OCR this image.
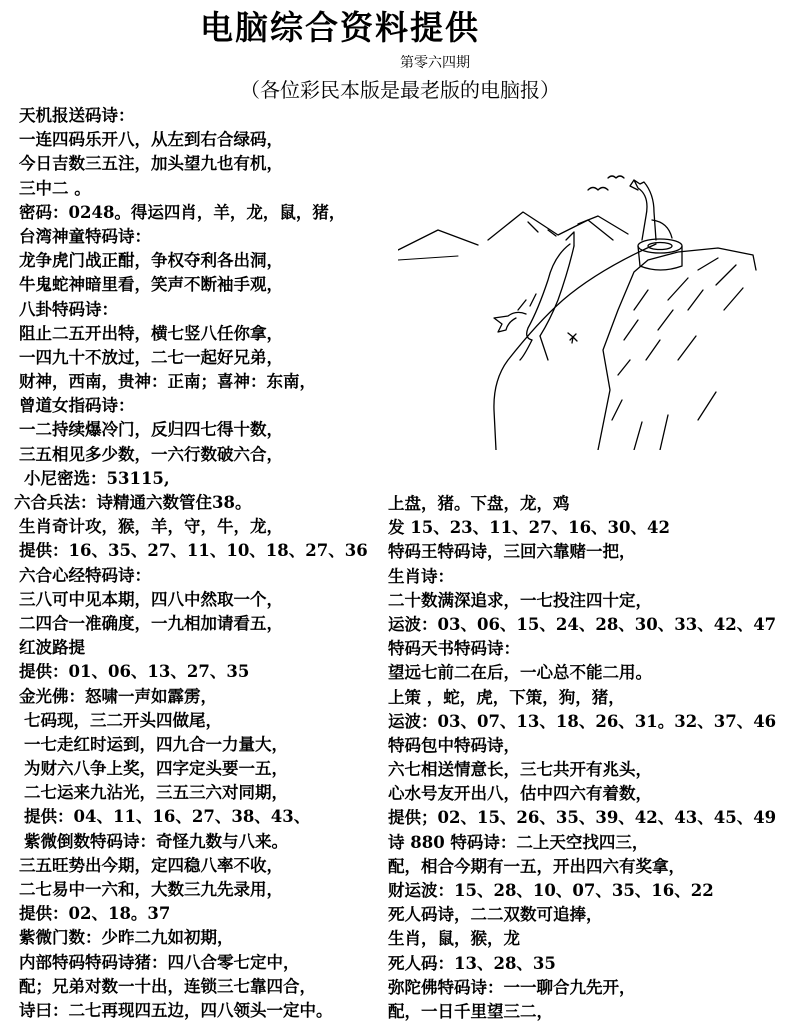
电脑综合资料提供
第零六四期
（各位彩民本版是最老版的电脑报）
天机报送码诗：
一连四码乐开八，从左到右合绿码，
今日吉数三五注，加头望九也有机，
三中二 。
密码：0248。得运四肖，羊，龙，鼠，猪，
台湾神童特码诗：
龙争虎门战正酣，争权夺利各出洞，
牛鬼蛇神暗里看，笑声不断袖手观，
八卦特码诗：
阻止二五开出特，横七竖八任你拿，
一四九十不放过，二七一起好兄弟，
财神，西南，贵神：正南；喜神：东南，
曾道女指码诗：
一二持续爆冷门，反归四七得十数，
三五相见多少数，一六行数破六合，
小尼密选：53115,
六合兵法：诗精通六数管住38。
生肖奇计攻，猴，羊，守，牛，龙，
提供：16、35、27、11、10、18、27、36
六合心经特码诗：
三八可中见本期，四八中然取一个，
二四合一准确度，一九相加请看五，
红波路提
提供：01、06、13、27、35
金光佛：怒啸一声如霹雳，
七码现，三二开头四做尾，
一七走红时运到，四九合一力量大，
为财六八争上奖，四字定头要一五，
二七运来九沾光，三五三六对同期，
提供：04、11、16、27、38、43、
紫微倒数特码诗：奇怪九数与八来。
三五旺势出今期，定四稳八率不收，
二七易中一六和，大数三九先录用，
提供：02、18。37
紫微门数：少昨二九如初期，
内部特码特码诗猪：四八合零七定中，
配；兄弟对数一十出，连锁三七靠四合，
诗曰：二七再现四五边，四八领头一定中。
上盘，猪。下盘，龙，鸡
发 15、23、11、27、16、30、42
特码王特码诗，三回六靠赌一把，
生肖诗：
二十数满深追求，一七投注四十定，
运波：03、06、15、24、28、30、33、42、47
特码天书特码诗：
望远七前二在后，一心总不能二用。
上策 ，蛇，虎，下策，狗，猪，
运波：03、07、13、18、26、31。32、37、46
特码包中特码诗，
六七相送情意长，三七共开有兆头，
心水号友开出八，估中四六有着数，
提供；02、15、26、35、39、42、43、45、49
诗 880 特码诗：二上天空找四三，
配，相合今期有一五，开出四六有奖拿，
财运波：15、28、10、07、35、16、22
死人码诗，二二双数可追捧，
生肖，鼠，猴，龙
死人码：13、28、35
弥陀佛特码诗：一一聊合九先开，
配，一日千里望三二，
